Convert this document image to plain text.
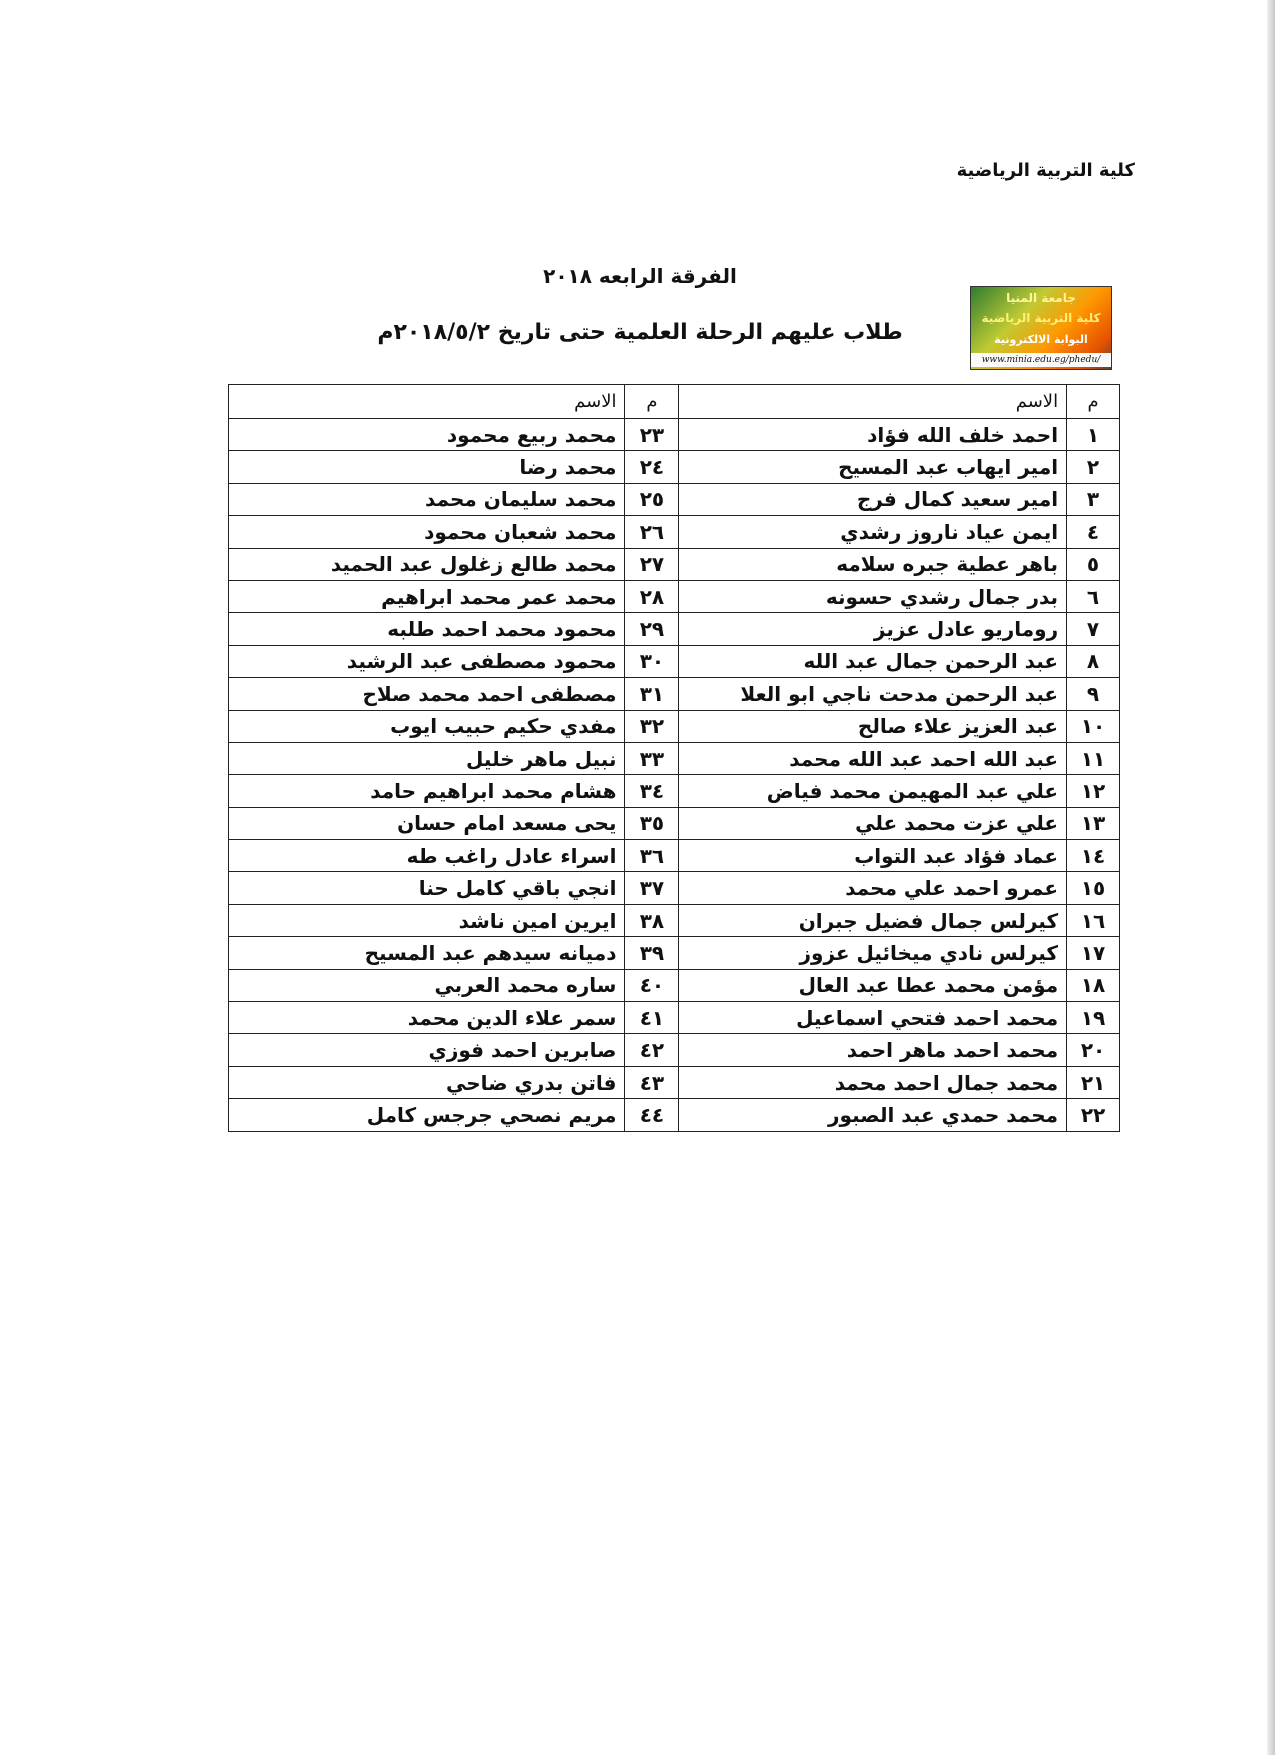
كلية التربية الرياضية
الفرقة الرابعه ٢٠١٨
جامعة المنيا
كلية التربية الرياضية
البوابة الالكترونية
www.minia.edu.eg/phedu/
طلاب عليهم الرحلة العلمية حتى تاريخ ٢٠١٨/٥/٢م
م	الاسم	م	الاسم
١	احمد خلف الله فؤاد	٢٣	محمد ربيع محمود
٢	امير ايهاب عبد المسيح	٢٤	محمد رضا
٣	امير سعيد كمال فرج	٢٥	محمد سليمان محمد
٤	ايمن عياد ناروز رشدي	٢٦	محمد شعبان محمود
٥	باهر عطية جبره سلامه	٢٧	محمد طالع زغلول عبد الحميد
٦	بدر جمال رشدي حسونه	٢٨	محمد عمر محمد ابراهيم
٧	روماريو عادل عزيز	٢٩	محمود محمد احمد طلبه
٨	عبد الرحمن جمال عبد الله	٣٠	محمود مصطفى عبد الرشيد
٩	عبد الرحمن مدحت ناجي ابو العلا	٣١	مصطفى احمد محمد صلاح
١٠	عبد العزيز علاء صالح	٣٢	مفدي حكيم حبيب ايوب
١١	عبد الله احمد عبد الله محمد	٣٣	نبيل ماهر خليل
١٢	علي عبد المهيمن محمد فياض	٣٤	هشام محمد ابراهيم حامد
١٣	علي عزت محمد علي	٣٥	يحى مسعد امام حسان
١٤	عماد فؤاد عبد التواب	٣٦	اسراء عادل راغب طه
١٥	عمرو احمد علي محمد	٣٧	انجي باقي كامل حنا
١٦	كيرلس جمال فضيل جبران	٣٨	ايرين امين ناشد
١٧	كيرلس نادي ميخائيل عزوز	٣٩	دميانه سيدهم عبد المسيح
١٨	مؤمن محمد عطا عبد العال	٤٠	ساره محمد العربي
١٩	محمد احمد فتحي اسماعيل	٤١	سمر علاء الدين محمد
٢٠	محمد احمد ماهر احمد	٤٢	صابرين احمد فوزي
٢١	محمد جمال احمد محمد	٤٣	فاتن بدري ضاحي
٢٢	محمد حمدي عبد الصبور	٤٤	مريم نصحي جرجس كامل
